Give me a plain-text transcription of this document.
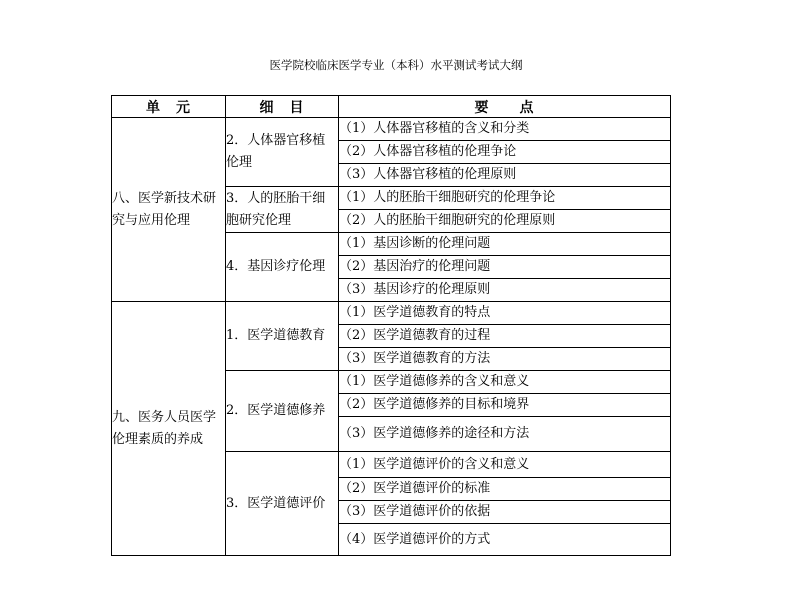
医学院校临床医学专业（本科）水平测试考试大纲
单　元	细　目	要　　点
八、医学新技术研究与应用伦理	2．人体器官移植伦理	（1）人体器官移植的含义和分类
		（2）人体器官移植的伦理争论
		（3）人体器官移植的伦理原则
	3．人的胚胎干细胞研究伦理	（1）人的胚胎干细胞研究的伦理争论
		（2）人的胚胎干细胞研究的伦理原则
	4．基因诊疗伦理	（1）基因诊断的伦理问题
		（2）基因治疗的伦理问题
		（3）基因诊疗的伦理原则
九、医务人员医学伦理素质的养成	1．医学道德教育	（1）医学道德教育的特点
		（2）医学道德教育的过程
		（3）医学道德教育的方法
	2．医学道德修养	（1）医学道德修养的含义和意义
		（2）医学道德修养的目标和境界
		（3）医学道德修养的途径和方法
	3．医学道德评价	（1）医学道德评价的含义和意义
		（2）医学道德评价的标准
		（3）医学道德评价的依据
		（4）医学道德评价的方式
